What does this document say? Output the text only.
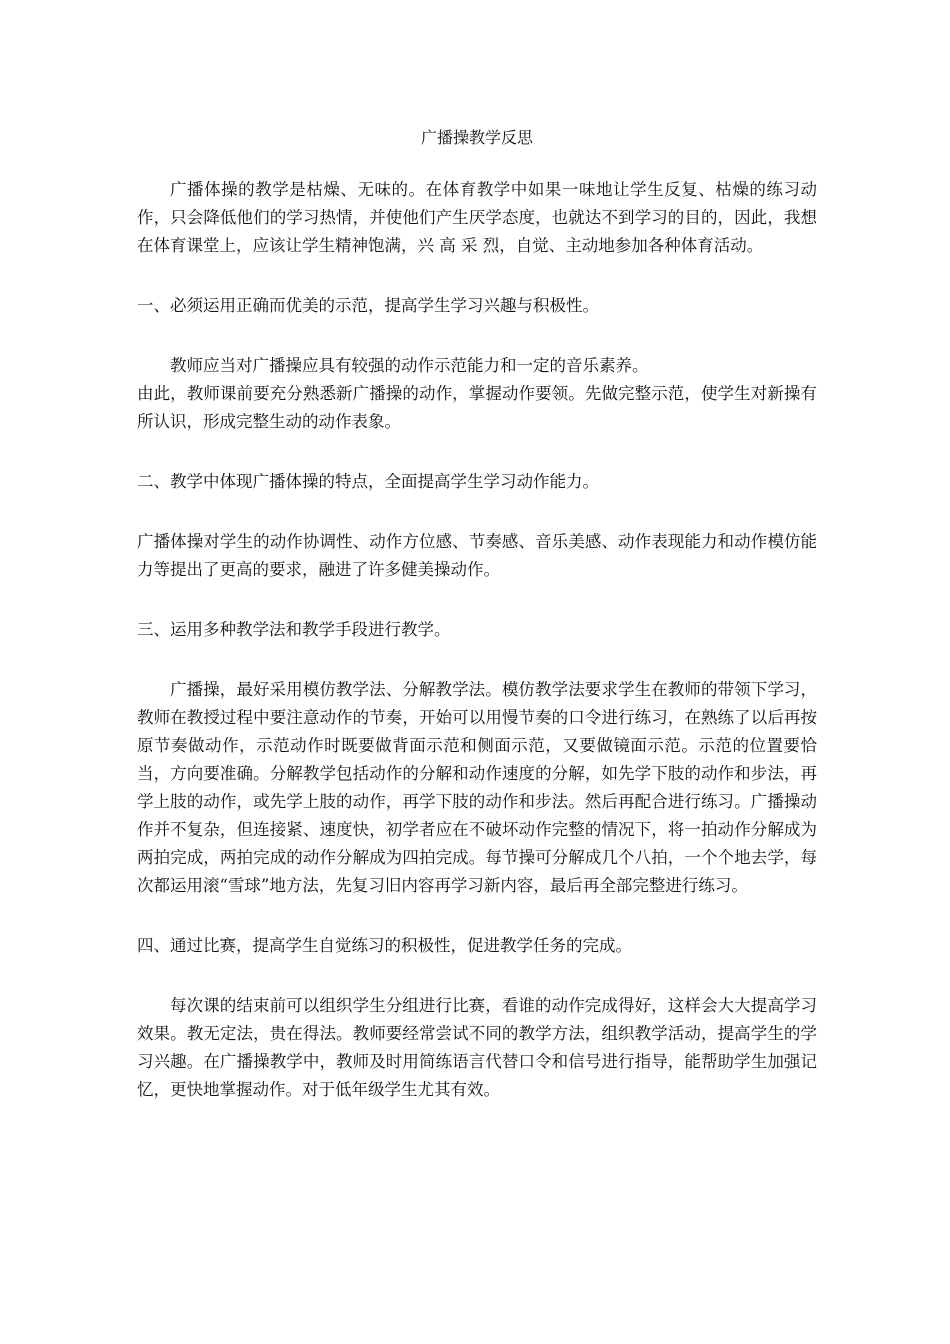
广播操教学反思

广播体操的教学是枯燥、无味的。在体育教学中如果一味地让学生反复、枯燥的练习动作，只会降低他们的学习热情，并使他们产生厌学态度，也就达不到学习的目的，因此，我想在体育课堂上，应该让学生精神饱满，兴 高 采 烈，自觉、主动地参加各种体育活动。

一、必须运用正确而优美的示范，提高学生学习兴趣与积极性。

教师应当对广播操应具有较强的动作示范能力和一定的音乐素养。

由此，教师课前要充分熟悉新广播操的动作，掌握动作要领。先做完整示范，使学生对新操有所认识，形成完整生动的动作表象。

二、教学中体现广播体操的特点，全面提高学生学习动作能力。

广播体操对学生的动作协调性、动作方位感、节奏感、音乐美感、动作表现能力和动作模仿能力等提出了更高的要求，融进了许多健美操动作。

三、运用多种教学法和教学手段进行教学。

广播操，最好采用模仿教学法、分解教学法。模仿教学法要求学生在教师的带领下学习，教师在教授过程中要注意动作的节奏，开始可以用慢节奏的口令进行练习，在熟练了以后再按原节奏做动作，示范动作时既要做背面示范和侧面示范，又要做镜面示范。示范的位置要恰当，方向要准确。分解教学包括动作的分解和动作速度的分解，如先学下肢的动作和步法，再学上肢的动作，或先学上肢的动作，再学下肢的动作和步法。然后再配合进行练习。广播操动作并不复杂，但连接紧、速度快，初学者应在不破坏动作完整的情况下，将一拍动作分解成为两拍完成，两拍完成的动作分解成为四拍完成。每节操可分解成几个八拍，一个个地去学，每次都运用滚“雪球”地方法，先复习旧内容再学习新内容，最后再全部完整进行练习。

四、通过比赛，提高学生自觉练习的积极性，促进教学任务的完成。

每次课的结束前可以组织学生分组进行比赛，看谁的动作完成得好，这样会大大提高学习效果。教无定法，贵在得法。教师要经常尝试不同的教学方法，组织教学活动，提高学生的学习兴趣。在广播操教学中，教师及时用简练语言代替口令和信号进行指导，能帮助学生加强记忆，更快地掌握动作。对于低年级学生尤其有效。
